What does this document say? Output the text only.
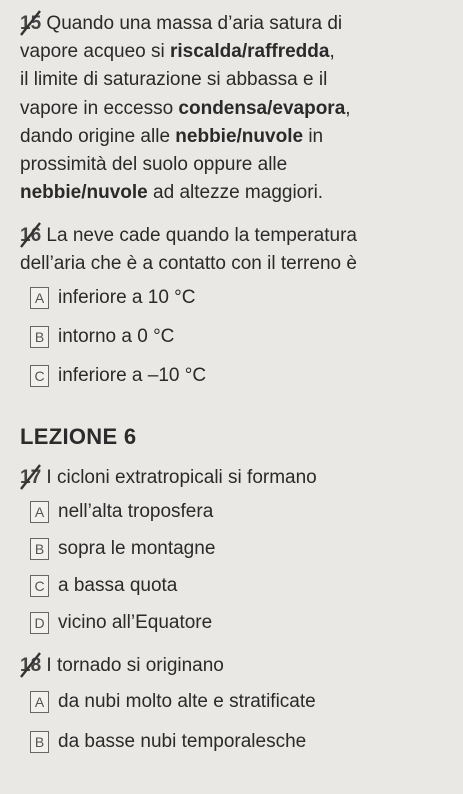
15 Quando una massa d’aria satura di
vapore acqueo si riscalda/raffredda,
il limite di saturazione si abbassa e il
vapore in eccesso condensa/evapora,
dando origine alle nebbie/nuvole in
prossimità del suolo oppure alle
nebbie/nuvole ad altezze maggiori.
16 La neve cade quando la temperatura
dell’aria che è a contatto con il terreno è
A inferiore a 10 °C
B intorno a 0 °C
C inferiore a –10 °C
LEZIONE 6
17 I cicloni extratropicali si formano
A nell’alta troposfera
B sopra le montagne
C a bassa quota
D vicino all’Equatore
18 I tornado si originano
A da nubi molto alte e stratificate
B da basse nubi temporalesche
